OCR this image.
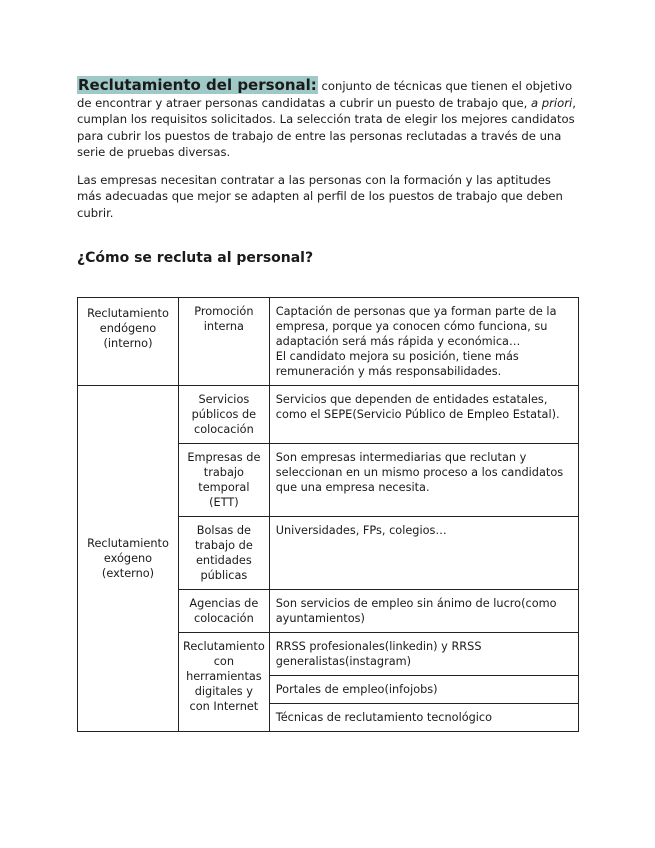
Reclutamiento del personal: conjunto de técnicas que tienen el objetivo de encontrar y atraer personas candidatas a cubrir un puesto de trabajo que, a priori, cumplan los requisitos solicitados. La selección trata de elegir los mejores candidatos para cubrir los puestos de trabajo de entre las personas reclutadas a través de una serie de pruebas diversas.

Las empresas necesitan contratar a las personas con la formación y las aptitudes más adecuadas que mejor se adapten al perfil de los puestos de trabajo que deben cubrir.

¿Cómo se recluta al personal?
Reclutamiento endógeno (interno)	Promoción interna	Captación de personas que ya forman parte de la empresa, porque ya conocen cómo funciona, su adaptación será más rápida y económica…
El candidato mejora su posición, tiene más remuneración y más responsabilidades.

Reclutamiento exógeno (externo)	Servicios públicos de colocación	Servicios que dependen de entidades estatales, como el SEPE(Servicio Público de Empleo Estatal).
	Empresas de trabajo temporal (ETT)	Son empresas intermediarias que reclutan y seleccionan en un mismo proceso a los candidatos que una empresa necesita.
	Bolsas de trabajo de entidades públicas	Universidades, FPs, colegios…
	Agencias de colocación	Son servicios de empleo sin ánimo de lucro(como ayuntamientos)
	Reclutamiento con herramientas digitales y con Internet	RRSS profesionales(linkedin) y RRSS generalistas(instagram)
		Portales de empleo(infojobs)
		Técnicas de reclutamiento tecnológico
